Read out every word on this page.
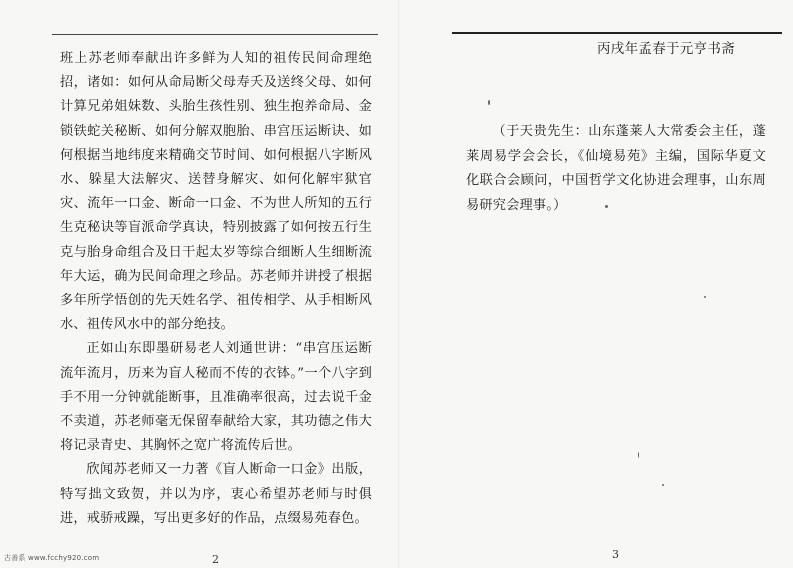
班上苏老师奉献出许多鲜为人知的祖传民间命理绝招，诸如：如何从命局断父母寿夭及送终父母、如何计算兄弟姐妹数、头胎生孩性别、独生抱养命局、金锁铁蛇关秘断、如何分解双胞胎、串宫压运断诀、如何根据当地纬度来精确交节时间、如何根据八字断风水、躲星大法解灾、送替身解灾、如何化解牢狱官灾、流年一口金、断命一口金、不为世人所知的五行生克秘诀等盲派命学真诀，特别披露了如何按五行生克与胎身命组合及日干起太岁等综合细断人生细断流年大运，确为民间命理之珍品。苏老师并讲授了根据多年所学悟创的先天姓名学、祖传相学、从手相断风水、祖传风水中的部分绝技。

正如山东即墨研易老人刘通世讲：“串宫压运断流年流月，历来为盲人秘而不传的衣钵。”一个八字到手不用一分钟就能断事，且准确率很高，过去说千金不卖道，苏老师毫无保留奉献给大家，其功德之伟大将记录青史、其胸怀之宽广将流传后世。

欣闻苏老师又一力著《盲人断命一口金》出版，特写拙文致贺，并以为序，衷心希望苏老师与时俱进，戒骄戒躁，写出更多好的作品，点缀易苑春色。

2
古善系 www.fcchy920.com
丙戌年孟春于元亨书斋

（于天贵先生：山东蓬莱人大常委会主任，蓬莱周易学会会长，《仙境易苑》主编，国际华夏文化联合会顾问，中国哲学文化协进会理事，山东周易研究会理事。）

3
